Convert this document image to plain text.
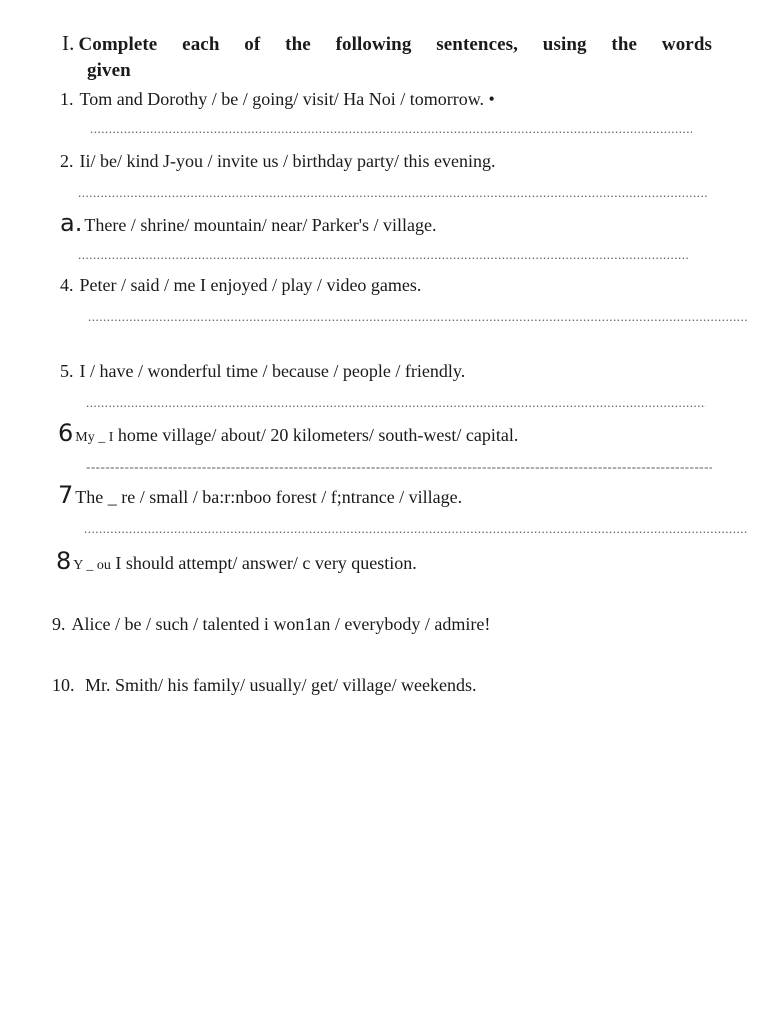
I. Complete each of the following sentences, using the words
given
1. Tom and Dorothy / be / going/ visit/ Ha Noi / tomorrow. •
.....
2. Ii/ be/ kind J-you / invite us / birthday party/ this evening.
.....
a. There / shrine/ mountain/ near/ Parker's / village.
.....
4. Peter / said / me I enjoyed / play / video games.
.....
5. I / have / wonderful time / because / people / friendly.
.....
6 My _ I home village/ about/ 20 kilometers/ south-west/ capital.
-----
7 The _ re / small / ba:r:nboo forest / f;ntrance / village.
.....
8 Y _ ou I should attempt/ answer/ c very question.
9. Alice / be / such / talented i won1an / everybody / admire!
10. Mr. Smith/ his family/ usually/ get/ village/ weekends.
